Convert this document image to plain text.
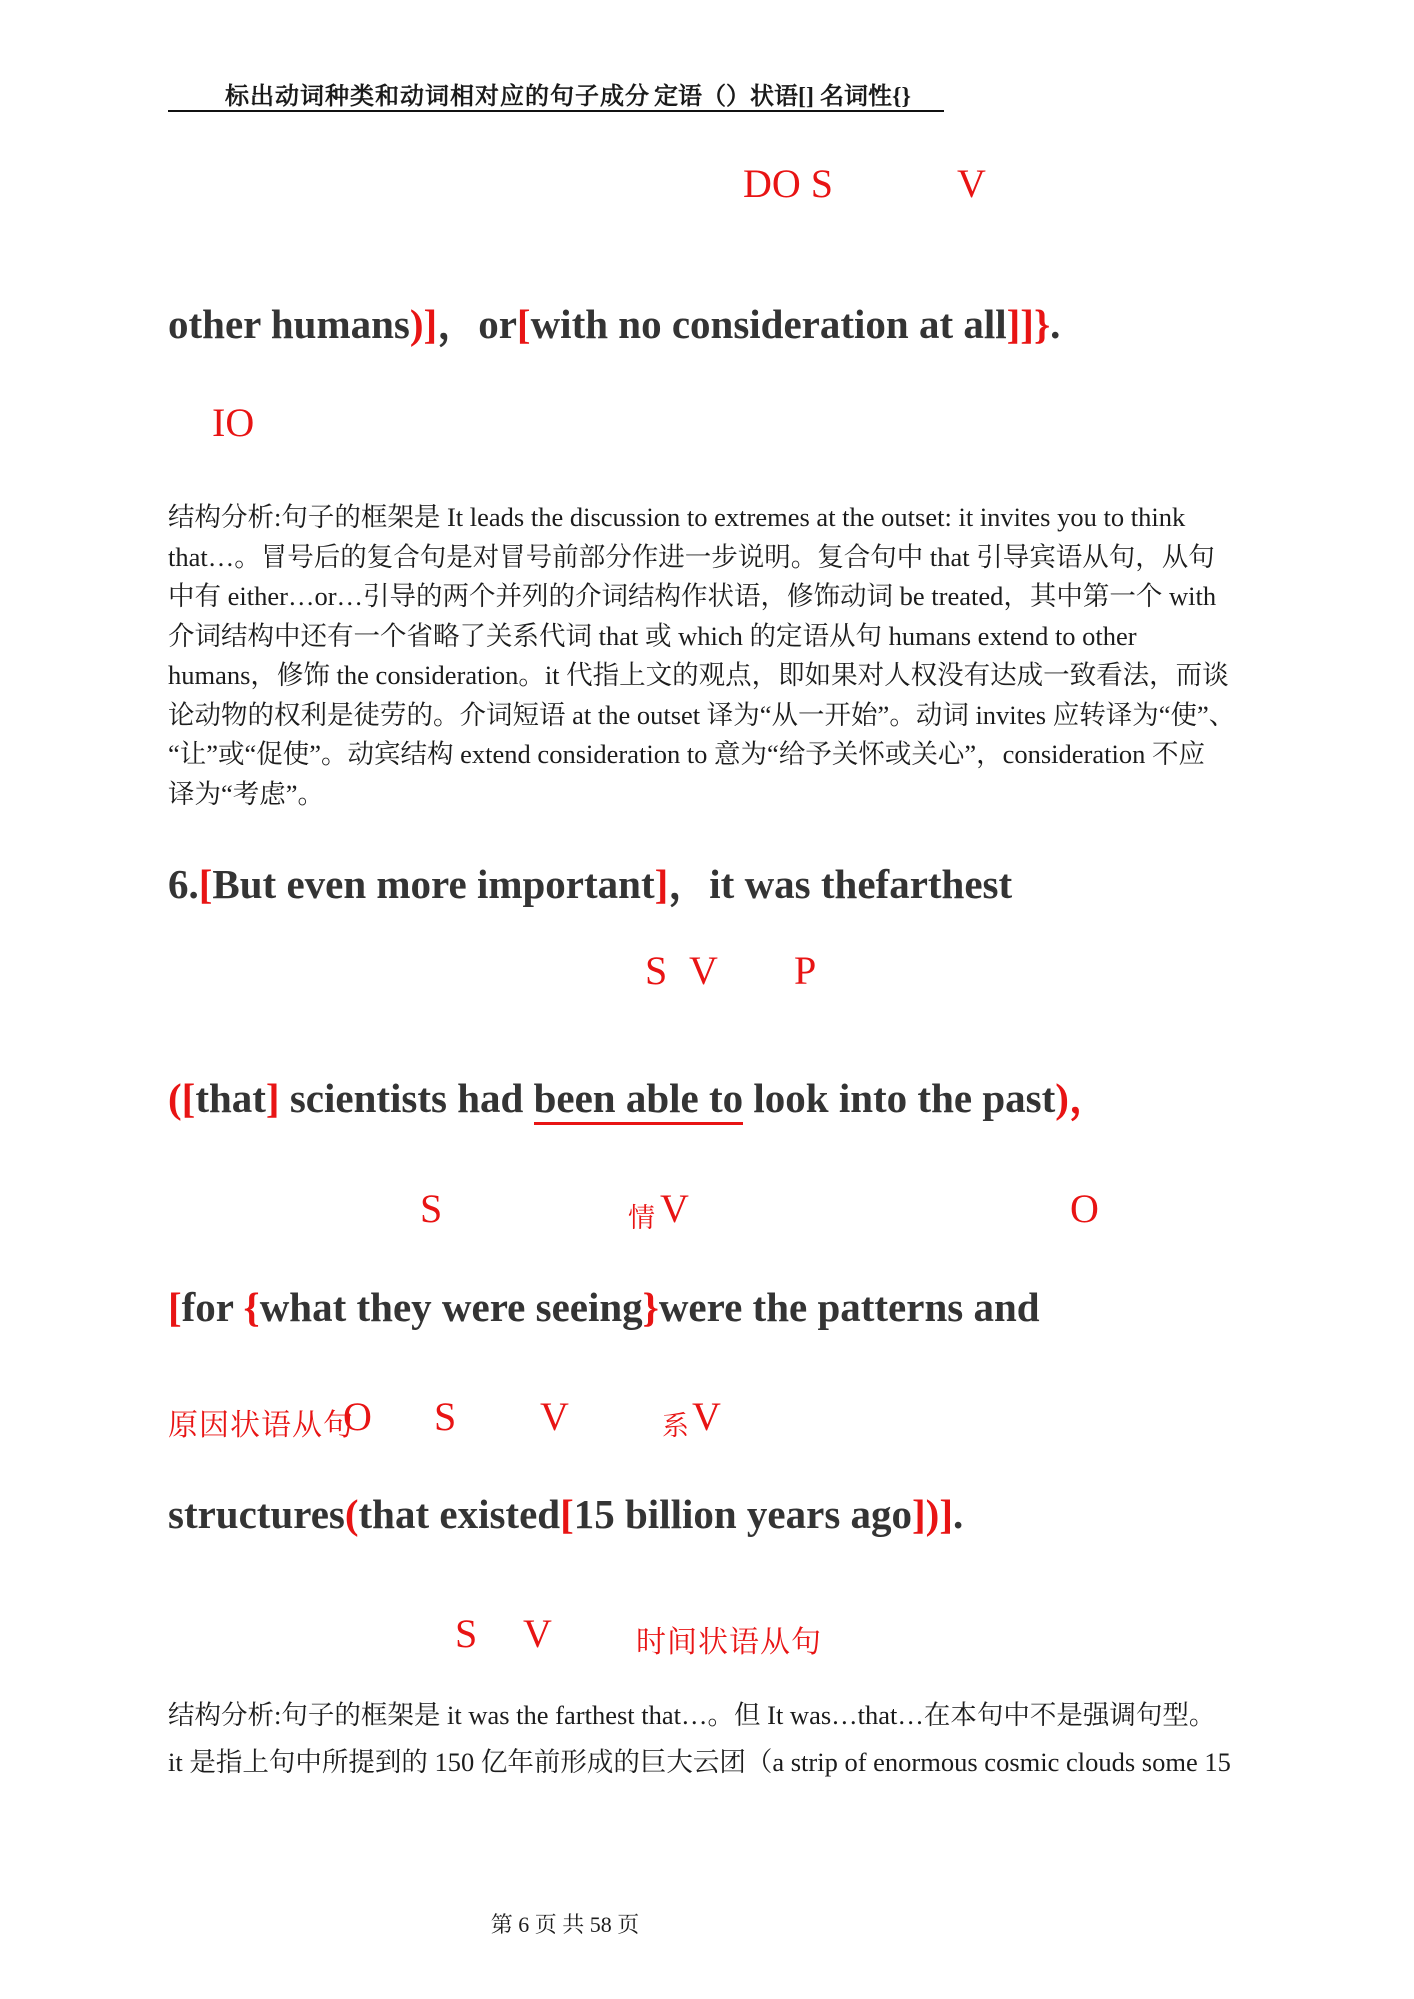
标出动词种类和动词相对应的句子成分 定语（）状语[] 名词性{}
DO S	V
other humans)]，or[with no consideration at all]]}.
IO
结构分析:句子的框架是 It leads the discussion to extremes at the outset: it invites you to think
that…。冒号后的复合句是对冒号前部分作进一步说明。复合句中 that 引导宾语从句，从句
中有 either…or…引导的两个并列的介词结构作状语，修饰动词 be treated，其中第一个 with
介词结构中还有一个省略了关系代词 that 或 which 的定语从句 humans extend to other
humans，修饰 the consideration。it 代指上文的观点，即如果对人权没有达成一致看法，而谈
论动物的权利是徒劳的。介词短语 at the outset 译为“从一开始”。动词 invites 应转译为“使”、
“让”或“促使”。动宾结构 extend consideration to 意为“给予关怀或关心”，consideration 不应
译为“考虑”。
6.[But even more important]，it was thefarthest
S V P
([that] scientists had been able to look into the past)，
S	情 V	O
[for {what they were seeing}were the patterns and
原因状语从句
O S V	系 V
structures(that existed[15 billion years ago])].
S V	时间状语从句
结构分析:句子的框架是 it was the farthest that…。但 It was…that…在本句中不是强调句型。
it 是指上句中所提到的 150 亿年前形成的巨大云团（a strip of enormous cosmic clouds some 15
第 6 页 共 58 页
